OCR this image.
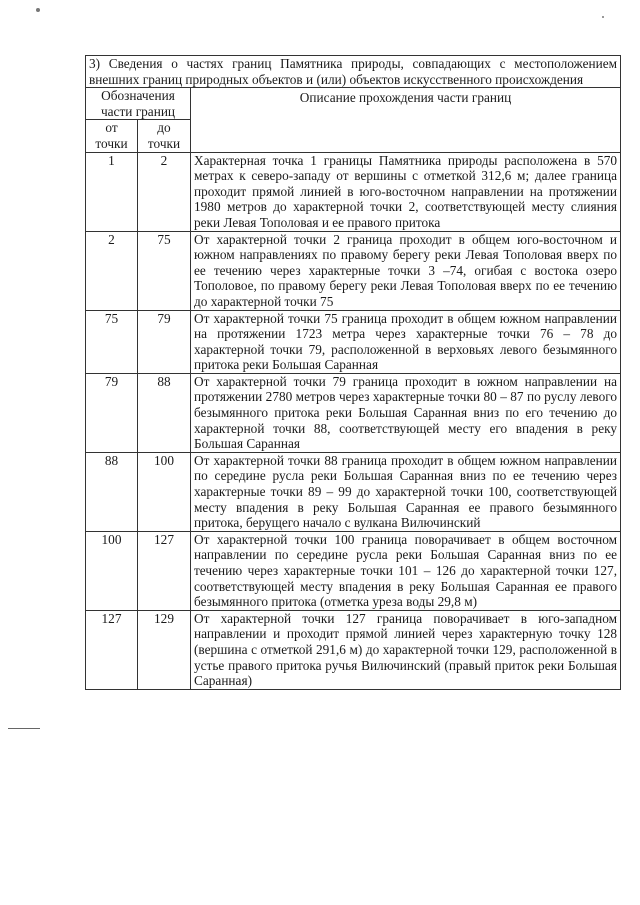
3) Сведения о частях границ Памятника природы, совпадающих с местоположением внешних границ природных объектов и (или) объектов искусственного происхождения		
Обозначения части границ		Описание прохождения части границ
от точки	до точки	
1	2	Характерная точка 1 границы Памятника природы расположена в 570 метрах к северо-западу от вершины с отметкой 312,6 м; далее граница проходит прямой линией в юго-восточном направлении на протяжении 1980 метров до характерной точки 2, соответствующей месту слияния реки Левая Тополовая и ее правого притока
2	75	От характерной точки 2 граница проходит в общем юго-восточном и южном направлениях по правому берегу реки Левая Тополовая вверх по ее течению через характерные точки 3 –74, огибая с востока озеро Тополовое, по правому берегу реки Левая Тополовая вверх по ее течению до характерной точки 75
75	79	От характерной точки 75 граница проходит в общем южном направлении на протяжении 1723 метра через характерные точки 76 – 78 до характерной точки 79, расположенной в верховьях левого безымянного притока реки Большая Саранная
79	88	От характерной точки 79 граница проходит в южном направлении на протяжении 2780 метров через характерные точки 80 – 87 по руслу левого безымянного притока реки Большая Саранная вниз по его течению до характерной точки 88, соответствующей месту его впадения в реку Большая Саранная
88	100	От характерной точки 88 граница проходит в общем южном направлении по середине русла реки Большая Саранная вниз по ее течению через характерные точки 89 – 99 до характерной точки 100, соответствующей месту впадения в реку Большая Саранная ее правого безымянного притока, берущего начало с вулкана Вилючинский
100	127	От характерной точки 100 граница поворачивает в общем восточном направлении по середине русла реки Большая Саранная вниз по ее течению через характерные точки 101 – 126 до характерной точки 127, соответствующей месту впадения в реку Большая Саранная ее правого безымянного притока (отметка уреза воды 29,8 м)
127	129	От характерной точки 127 граница поворачивает в юго-западном направлении и проходит прямой линией через характерную точку 128 (вершина с отметкой 291,6 м) до характерной точки 129, расположенной в устье правого притока ручья Вилючинский (правый приток реки Большая Саранная)
